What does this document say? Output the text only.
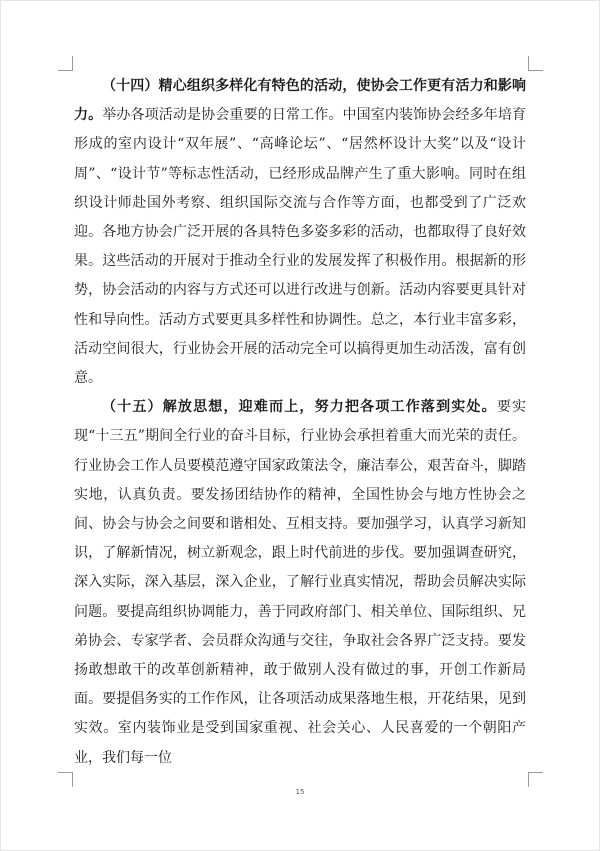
（十四）精心组织多样化有特色的活动，使协会工作更有活力和影响力。举办各项活动是协会重要的日常工作。中国室内装饰协会经多年培育形成的室内设计“双年展”、“高峰论坛”、“居然杯设计大奖”以及“设计周”、“设计节”等标志性活动，已经形成品牌产生了重大影响。同时在组织设计师赴国外考察、组织国际交流与合作等方面，也都受到了广泛欢迎。各地方协会广泛开展的各具特色多姿多彩的活动，也都取得了良好效果。这些活动的开展对于推动全行业的发展发挥了积极作用。根据新的形势，协会活动的内容与方式还可以进行改进与创新。活动内容要更具针对性和导向性。活动方式要更具多样性和协调性。总之，本行业丰富多彩，活动空间很大，行业协会开展的活动完全可以搞得更加生动活泼，富有创意。

（十五）解放思想，迎难而上，努力把各项工作落到实处。要实现“十三五”期间全行业的奋斗目标，行业协会承担着重大而光荣的责任。行业协会工作人员要模范遵守国家政策法令，廉洁奉公，艰苦奋斗，脚踏实地，认真负责。要发扬团结协作的精神，全国性协会与地方性协会之间、协会与协会之间要和谐相处、互相支持。要加强学习，认真学习新知识，了解新情况，树立新观念，跟上时代前进的步伐。要加强调查研究，深入实际，深入基层，深入企业，了解行业真实情况，帮助会员解决实际问题。要提高组织协调能力，善于同政府部门、相关单位、国际组织、兄弟协会、专家学者、会员群众沟通与交往，争取社会各界广泛支持。要发扬敢想敢干的改革创新精神，敢于做别人没有做过的事，开创工作新局面。要提倡务实的工作作风，让各项活动成果落地生根，开花结果，见到实效。室内装饰业是受到国家重视、社会关心、人民喜爱的一个朝阳产业，我们每一位

15
